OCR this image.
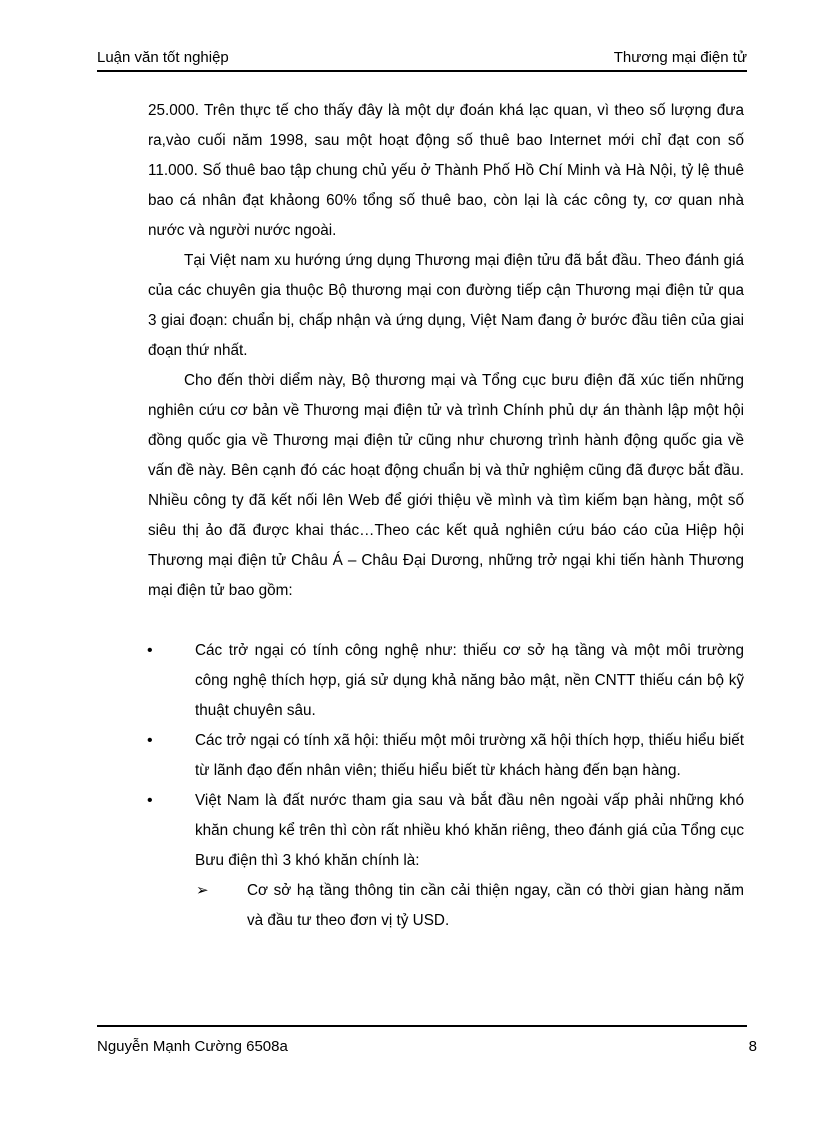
Luận văn tốt nghiệp	Thương mại điện tử

25.000. Trên thực tế cho thấy đây là một dự đoán khá lạc quan, vì theo số lượng đưa ra,vào cuối năm 1998, sau một hoạt động số thuê bao Internet mới chỉ đạt con số 11.000. Số thuê bao tập chung chủ yếu ở Thành Phố Hồ Chí Minh và Hà Nội, tỷ lệ thuê bao cá nhân đạt khảong 60% tổng số thuê bao, còn lại là các công ty, cơ quan nhà nước và người nước ngoài.

Tại Việt nam xu hướng ứng dụng Thương mại điện tửu đã bắt đầu. Theo đánh giá của các chuyên gia thuộc Bộ thương mại con đường tiếp cận Thương mại điện tử qua 3 giai đoạn: chuẩn bị, chấp nhận và ứng dụng, Việt Nam đang ở bước đầu tiên của giai đoạn thứ nhất.

Cho đến thời diểm này, Bộ thương mại và Tổng cục bưu điện đã xúc tiến những nghiên cứu cơ bản về Thương mại điện tử và trình Chính phủ dự án thành lập một hội đồng quốc gia về Thương mại điện tử cũng như chương trình hành động quốc gia về vấn đề này. Bên cạnh đó các hoạt động chuẩn bị và thử nghiệm cũng đã được bắt đầu. Nhiều công ty đã kết nối lên Web để giới thiệu về mình và tìm kiếm bạn hàng, một số siêu thị ảo đã được khai thác…Theo các kết quả nghiên cứu báo cáo của Hiệp hội Thương mại điện tử Châu Á – Châu Đại Dương, những trở ngại khi tiến hành Thương mại điện tử bao gồm:

•	Các trở ngại có tính công nghệ như: thiếu cơ sở hạ tầng và một môi trường công nghệ thích hợp, giá sử dụng khả năng bảo mật, nền CNTT thiếu cán bộ kỹ thuật chuyên sâu.
•	Các trở ngại có tính xã hội: thiếu một môi trường xã hội thích hợp, thiếu hiểu biết từ lãnh đạo đến nhân viên; thiếu hiểu biết từ khách hàng đến bạn hàng.
•	Việt Nam là đất nước tham gia sau và bắt đầu nên ngoài vấp phải những khó khăn chung kể trên thì còn rất nhiều khó khăn riêng, theo đánh giá của Tổng cục Bưu điện thì 3 khó khăn chính là:
➢	Cơ sở hạ tầng thông tin cần cải thiện ngay, cần có thời gian hàng năm và đầu tư theo đơn vị tỷ USD.
Nguyễn Mạnh Cường 6508a	8
